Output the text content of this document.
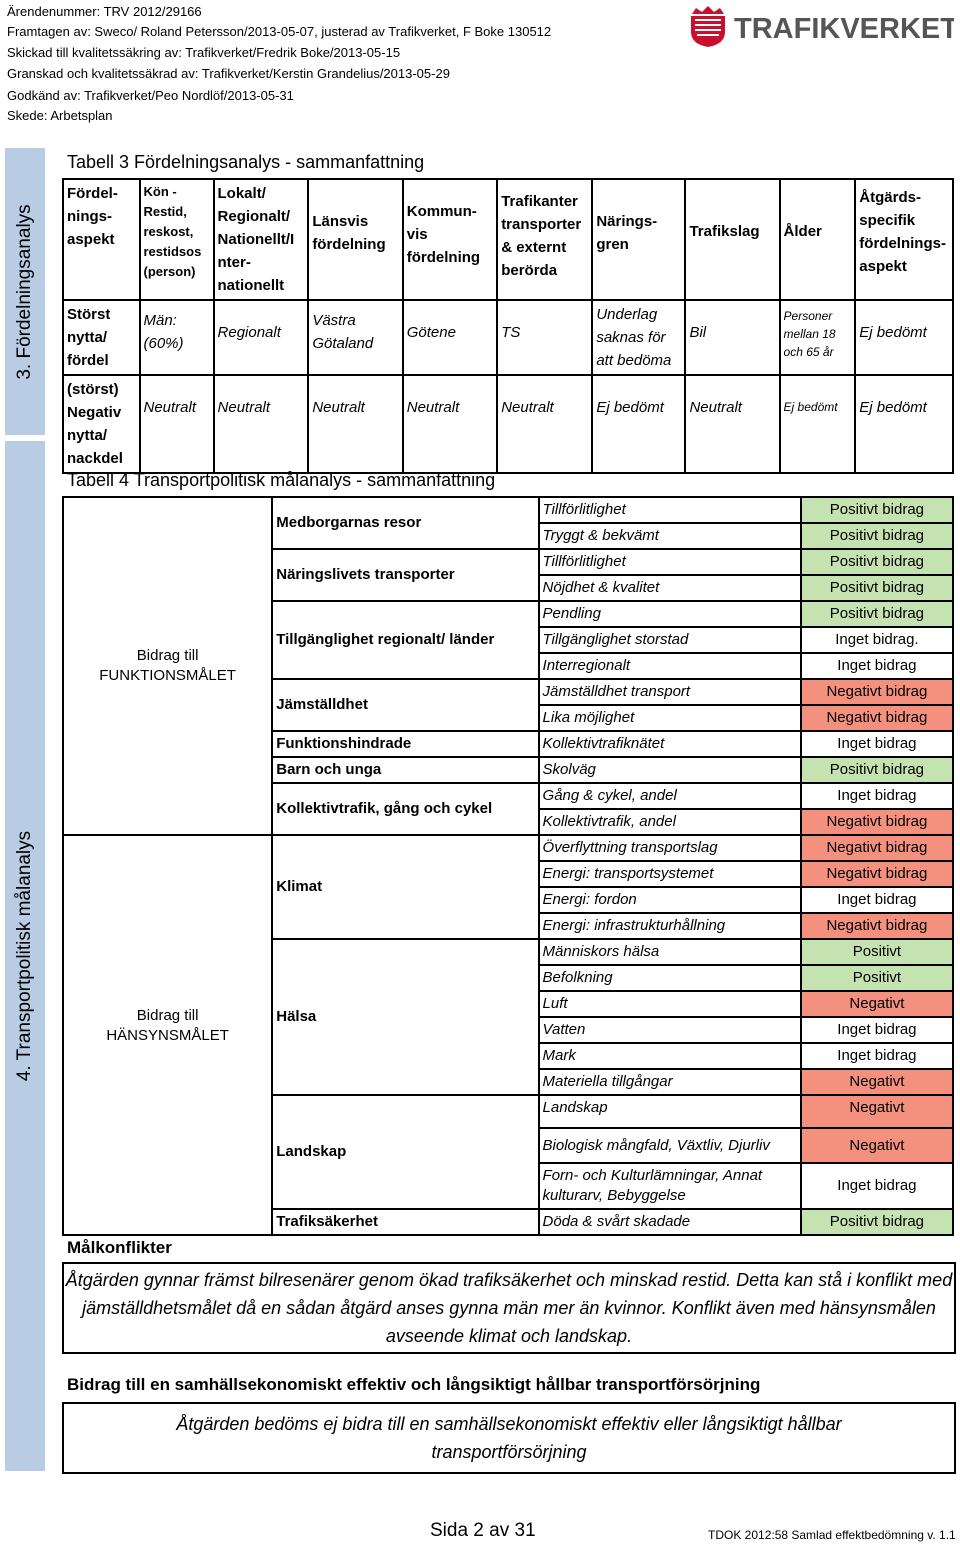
Ärendenummer: TRV 2012/29166
Framtagen av: Sweco/ Roland Petersson/2013-05-07, justerad av Trafikverket, F Boke 130512
Skickad till kvalitetssäkring av: Trafikverket/Fredrik Boke/2013-05-15
Granskad och kvalitetssäkrad av: Trafikverket/Kerstin Grandelius/2013-05-29
Godkänd av: Trafikverket/Peo Nordlöf/2013-05-31
Skede: Arbetsplan
TRAFIKVERKET
3. Fördelningsanalys
4. Transportpolitisk målanalys
Tabell 3 Fördelningsanalys - sammanfattning
Fördel-
nings-
aspekt	Kön - Restid, reskost, restidsos (person)	Lokalt/ Regionalt/ Nationellt/I nter-nationellt	Länsvis fördelning	Kommun-vis fördelning	Trafikanter transporter & externt berörda	Närings-gren	Trafikslag	Ålder	Åtgärds-specifik fördelnings-aspekt
Störst nytta/ fördel	Män: (60%)	Regionalt	Västra Götaland	Götene	TS	Underlag saknas för att bedöma	Bil	Personer mellan 18 och 65 år	Ej bedömt
(störst) Negativ nytta/ nackdel	Neutralt	Neutralt	Neutralt	Neutralt	Neutralt	Ej bedömt	Neutralt	Ej bedömt	Ej bedömt
Tabell 4 Transportpolitisk målanalys - sammanfattning
Bidrag till
FUNKTIONSMÅLET	Medborgarnas resor	Tillförlitlighet	Positivt bidrag
		Tryggt & bekvämt	Positivt bidrag
	Näringslivets transporter	Tillförlitlighet	Positivt bidrag
		Nöjdhet & kvalitet	Positivt bidrag
	Tillgänglighet regionalt/ länder	Pendling	Positivt bidrag
		Tillgänglighet storstad	Inget bidrag.
		Interregionalt	Inget bidrag
	Jämställdhet	Jämställdhet transport	Negativt bidrag
		Lika möjlighet	Negativt bidrag
	Funktionshindrade	Kollektivtrafiknätet	Inget bidrag
	Barn och unga	Skolväg	Positivt bidrag
	Kollektivtrafik, gång och cykel	Gång & cykel, andel	Inget bidrag
		Kollektivtrafik, andel	Negativt bidrag
Bidrag till
HÄNSYNSMÅLET	Klimat	Överflyttning transportslag	Negativt bidrag
		Energi: transportsystemet	Negativt bidrag
		Energi: fordon	Inget bidrag
		Energi: infrastrukturhållning	Negativt bidrag
	Hälsa	Människors hälsa	Positivt
		Befolkning	Positivt
		Luft	Negativt
		Vatten	Inget bidrag
		Mark	Inget bidrag
		Materiella tillgångar	Negativt
	Landskap	Landskap	Negativt
		Biologisk mångfald, Växtliv, Djurliv	Negativt
		Forn- och Kulturlämningar, Annat kulturarv, Bebyggelse	Inget bidrag
	Trafiksäkerhet	Döda & svårt skadade	Positivt bidrag
Målkonflikter
Åtgärden gynnar främst bilresenärer genom ökad trafiksäkerhet och minskad restid. Detta kan stå i konflikt med jämställdhetsmålet då en sådan åtgärd anses gynna män mer än kvinnor. Konflikt även med hänsynsmålen avseende klimat och landskap.
Bidrag till en samhällsekonomiskt effektiv och långsiktigt hållbar transportförsörjning
Åtgärden bedöms ej bidra till en samhällsekonomiskt effektiv eller långsiktigt hållbar transportförsörjning
Sida 2 av 31	TDOK 2012:58 Samlad effektbedömning v. 1.1
